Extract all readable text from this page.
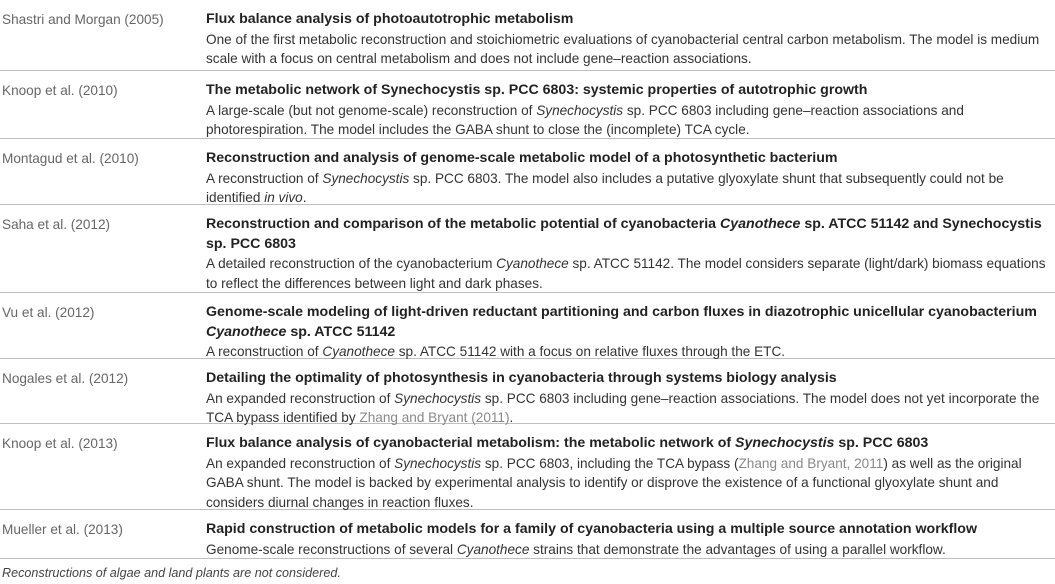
Shastri and Morgan (2005)	Flux balance analysis of photoautotrophic metabolism
One of the first metabolic reconstruction and stoichiometric evaluations of cyanobacterial central carbon metabolism. The model is medium scale with a focus on central metabolism and does not include gene–reaction associations.
Knoop et al. (2010)	The metabolic network of Synechocystis sp. PCC 6803: systemic properties of autotrophic growth
A large-scale (but not genome-scale) reconstruction of Synechocystis sp. PCC 6803 including gene–reaction associations and photorespiration. The model includes the GABA shunt to close the (incomplete) TCA cycle.
Montagud et al. (2010)	Reconstruction and analysis of genome-scale metabolic model of a photosynthetic bacterium
A reconstruction of Synechocystis sp. PCC 6803. The model also includes a putative glyoxylate shunt that subsequently could not be identified in vivo.
Saha et al. (2012)	Reconstruction and comparison of the metabolic potential of cyanobacteria Cyanothece sp. ATCC 51142 and Synechocystis sp. PCC 6803
A detailed reconstruction of the cyanobacterium Cyanothece sp. ATCC 51142. The model considers separate (light/dark) biomass equations to reflect the differences between light and dark phases.
Vu et al. (2012)	Genome-scale modeling of light-driven reductant partitioning and carbon fluxes in diazotrophic unicellular cyanobacterium Cyanothece sp. ATCC 51142
A reconstruction of Cyanothece sp. ATCC 51142 with a focus on relative fluxes through the ETC.
Nogales et al. (2012)	Detailing the optimality of photosynthesis in cyanobacteria through systems biology analysis
An expanded reconstruction of Synechocystis sp. PCC 6803 including gene–reaction associations. The model does not yet incorporate the TCA bypass identified by Zhang and Bryant (2011).
Knoop et al. (2013)	Flux balance analysis of cyanobacterial metabolism: the metabolic network of Synechocystis sp. PCC 6803
An expanded reconstruction of Synechocystis sp. PCC 6803, including the TCA bypass (Zhang and Bryant, 2011) as well as the original GABA shunt. The model is backed by experimental analysis to identify or disprove the existence of a functional glyoxylate shunt and considers diurnal changes in reaction fluxes.
Mueller et al. (2013)	Rapid construction of metabolic models for a family of cyanobacteria using a multiple source annotation workflow
Genome-scale reconstructions of several Cyanothece strains that demonstrate the advantages of using a parallel workflow.
Reconstructions of algae and land plants are not considered.
